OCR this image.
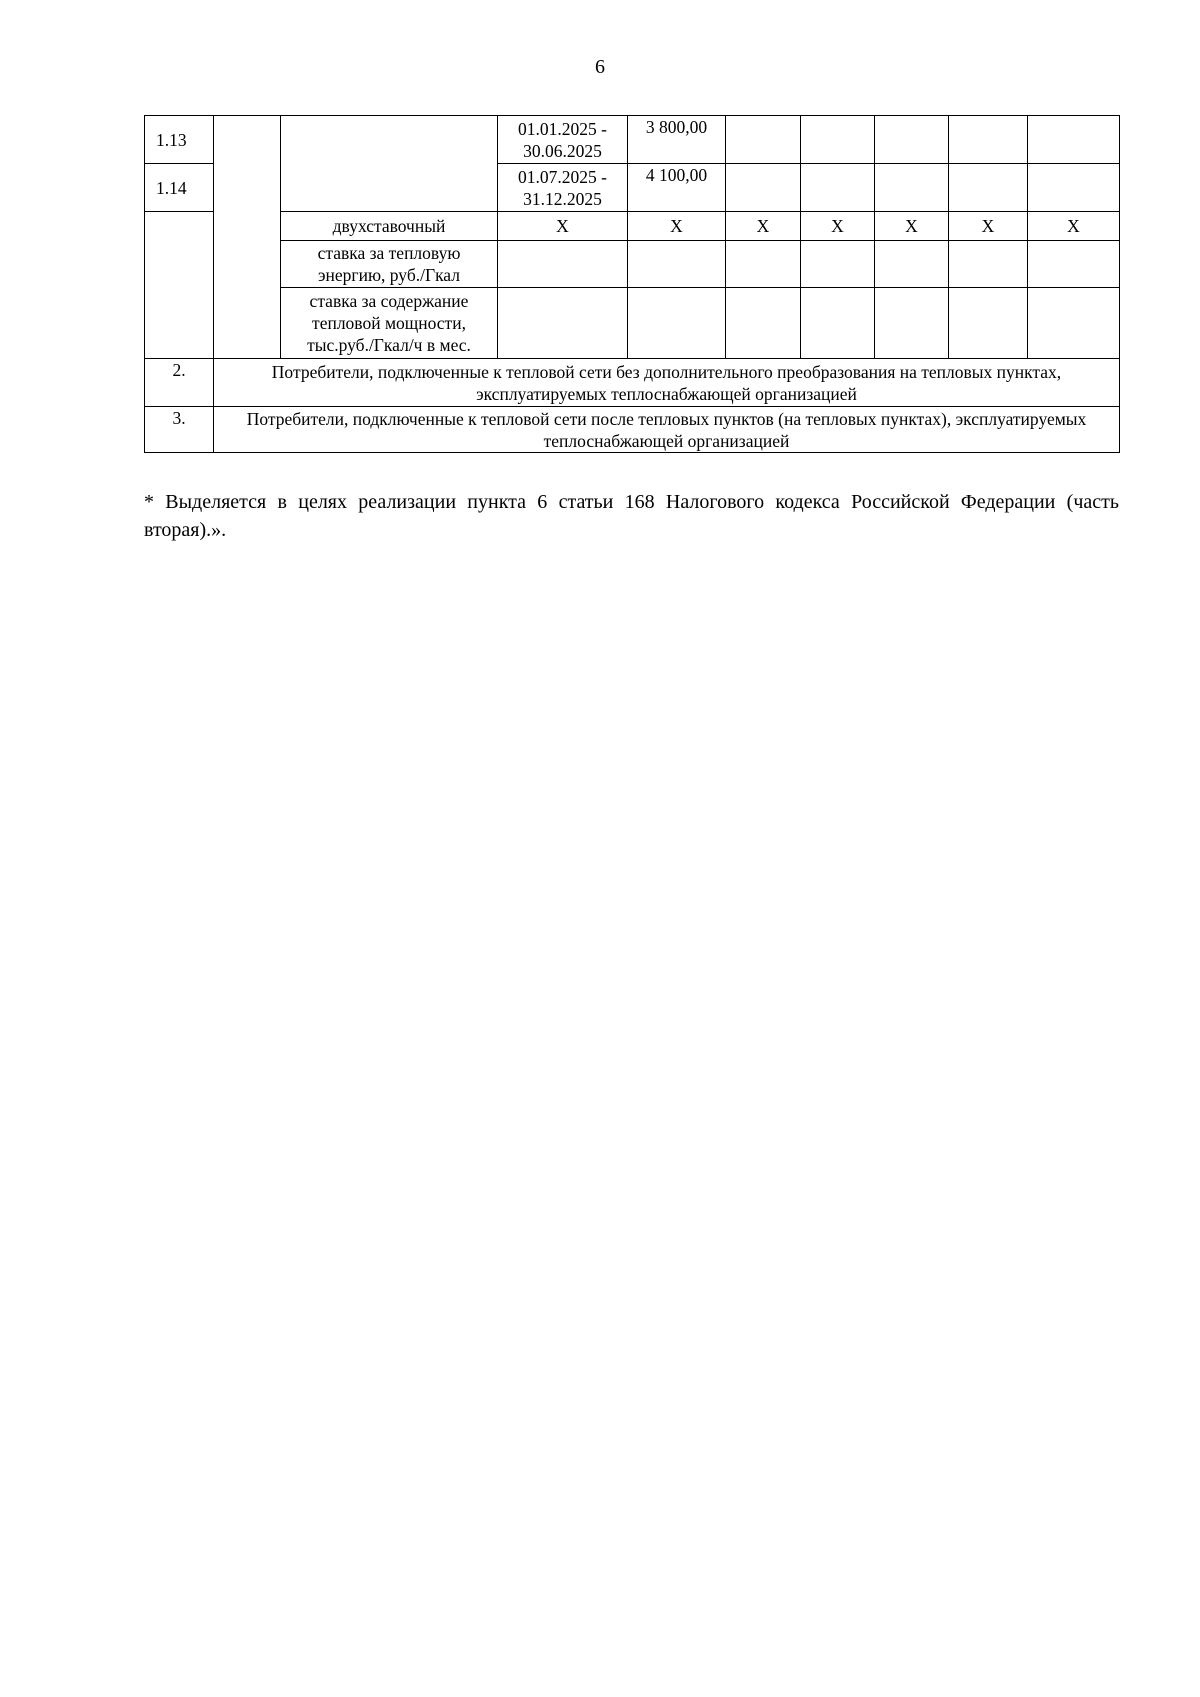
6
1.13			01.01.2025 - 30.06.2025	3 800,00					
1.14			01.07.2025 - 31.12.2025	4 100,00					
		двухставочный	X	X	X	X	X	X	X
		ставка за тепловую энергию, руб./Гкал							
		ставка за содержание тепловой мощности, тыс.руб./Гкал/ч в мес.							
2.	Потребители, подключенные к тепловой сети без дополнительного преобразования на тепловых пунктах, эксплуатируемых теплоснабжающей организацией								
3.	Потребители, подключенные к тепловой сети после тепловых пунктов (на тепловых пунктах), эксплуатируемых теплоснабжающей организацией								
* Выделяется в целях реализации пункта 6 статьи 168 Налогового кодекса Российской Федерации (часть вторая).».
